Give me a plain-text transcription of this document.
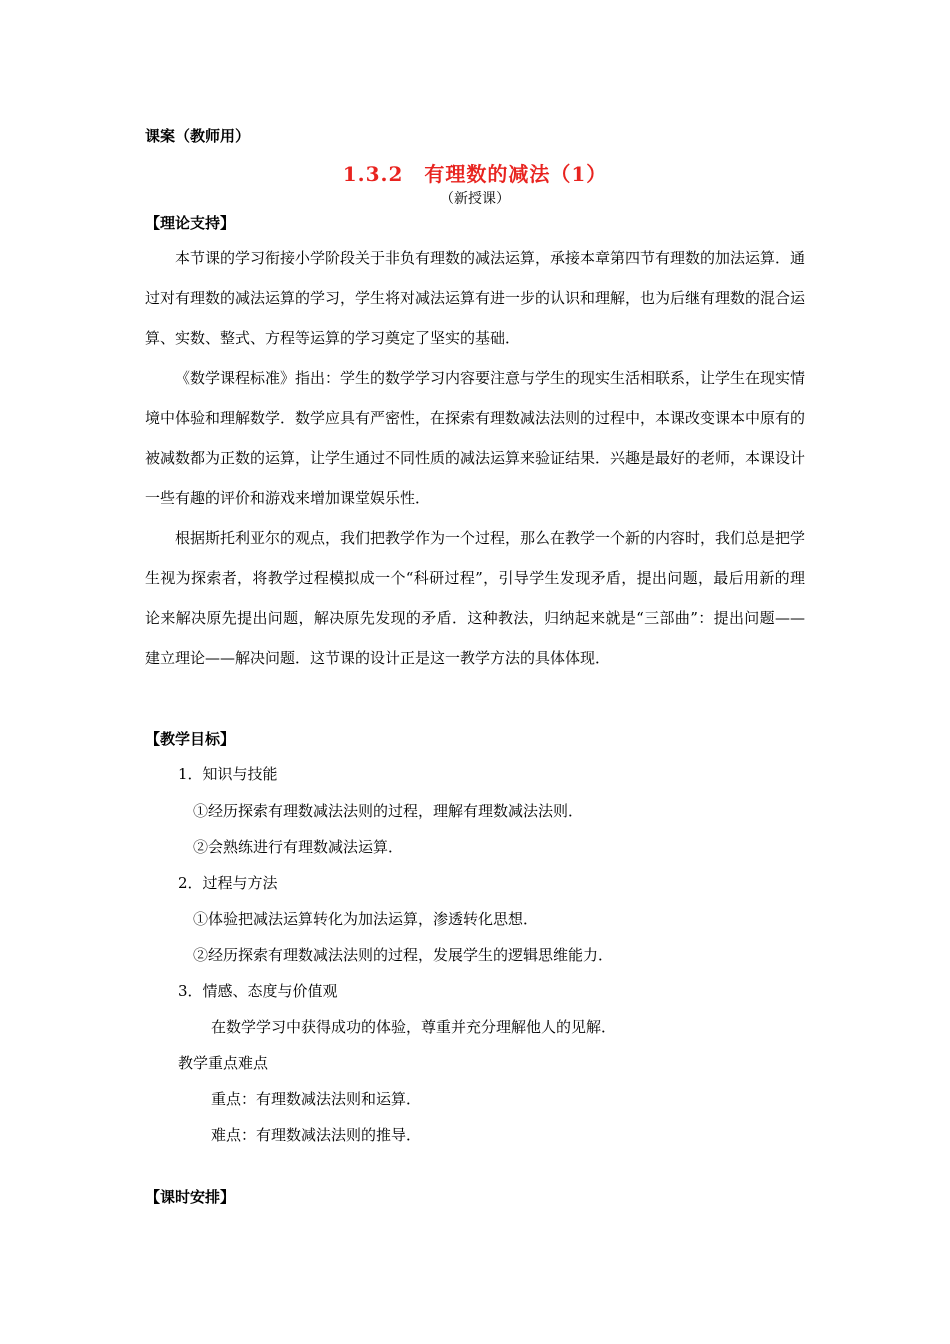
课案（教师用）
1.3.2　有理数的减法（1）
（新授课）
【理论支持】
本节课的学习衔接小学阶段关于非负有理数的减法运算，承接本章第四节有理数的加法运算．通过对有理数的减法运算的学习，学生将对减法运算有进一步的认识和理解，也为后继有理数的混合运算、实数、整式、方程等运算的学习奠定了坚实的基础．
《数学课程标准》指出：学生的数学学习内容要注意与学生的现实生活相联系，让学生在现实情境中体验和理解数学．数学应具有严密性，在探索有理数减法法则的过程中，本课改变课本中原有的被减数都为正数的运算，让学生通过不同性质的减法运算来验证结果．兴趣是最好的老师，本课设计一些有趣的评价和游戏来增加课堂娱乐性．
根据斯托利亚尔的观点，我们把教学作为一个过程，那么在教学一个新的内容时，我们总是把学生视为探索者，将教学过程模拟成一个“科研过程”，引导学生发现矛盾，提出问题，最后用新的理论来解决原先提出问题，解决原先发现的矛盾．这种教法，归纳起来就是“三部曲”：提出问题——建立理论——解决问题．这节课的设计正是这一教学方法的具体体现．
【教学目标】
1．知识与技能
①经历探索有理数减法法则的过程，理解有理数减法法则．
②会熟练进行有理数减法运算．
2．过程与方法
①体验把减法运算转化为加法运算，渗透转化思想．
②经历探索有理数减法法则的过程，发展学生的逻辑思维能力．
3．情感、态度与价值观
在数学学习中获得成功的体验，尊重并充分理解他人的见解．
教学重点难点
重点：有理数减法法则和运算．
难点：有理数减法法则的推导．
【课时安排】
